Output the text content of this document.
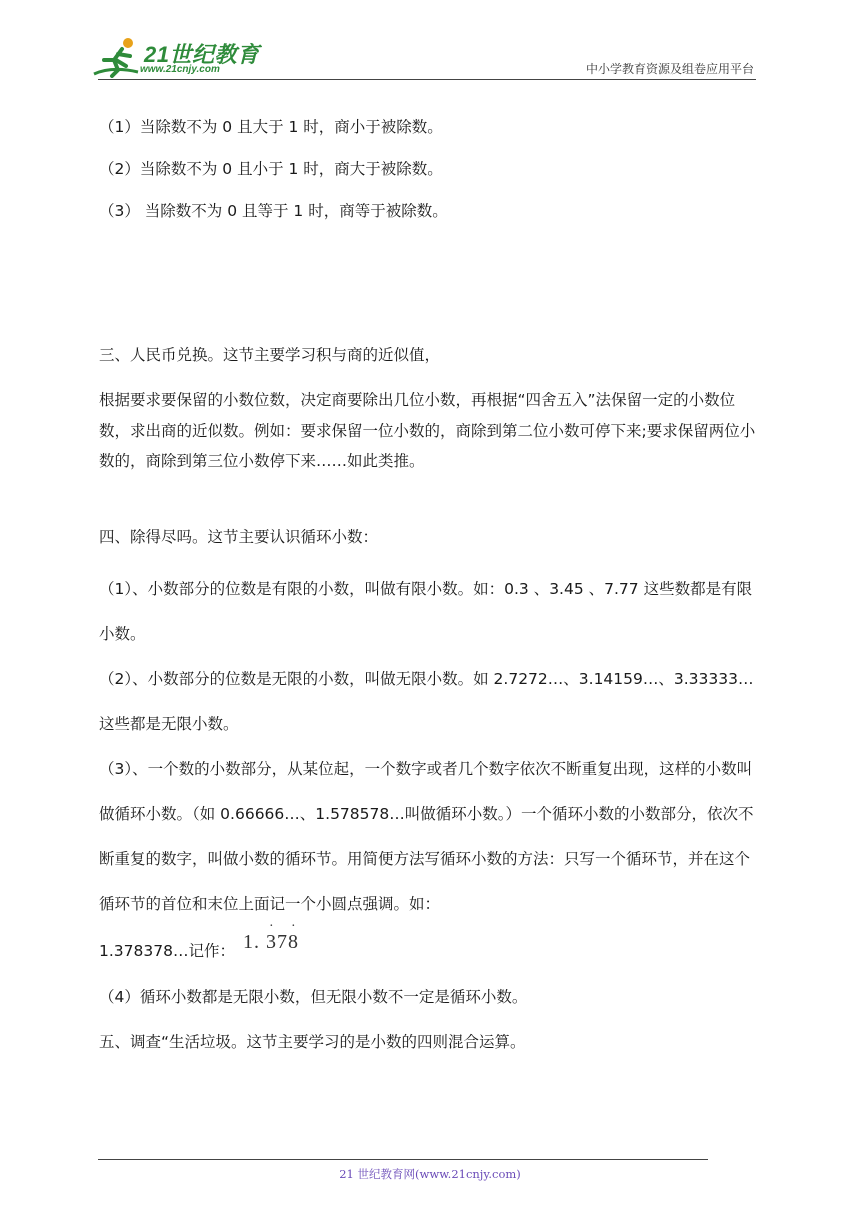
21世纪教育
www.21cnjy.com	中小学教育资源及组卷应用平台

（1）当除数不为 0 且大于 1 时，商小于被除数。

（2）当除数不为 0 且小于 1 时，商大于被除数。

（3） 当除数不为 0 且等于 1 时，商等于被除数。

三、人民币兑换。这节主要学习积与商的近似值，

根据要求要保留的小数位数，决定商要除出几位小数，再根据“四舍五入”法保留一定的小数位数，求出商的近似数。例如：要求保留一位小数的，商除到第二位小数可停下来;要求保留两位小数的，商除到第三位小数停下来……如此类推。

四、除得尽吗。这节主要认识循环小数：

（1）、小数部分的位数是有限的小数，叫做有限小数。如：0.3 、3.45 、7.77 这些数都是有限小数。

（2）、小数部分的位数是无限的小数，叫做无限小数。如 2.7272…、3.14159…、3.33333…这些都是无限小数。

（3）、一个数的小数部分，从某位起，一个数字或者几个数字依次不断重复出现，这样的小数叫做循环小数。（如 0.66666…、1.578578…叫做循环小数。）一个循环小数的小数部分，依次不断重复的数字，叫做小数的循环节。用简便方法写循环小数的方法：只写一个循环节，并在这个循环节的首位和末位上面记一个小圆点强调。如：

1.378378…记作： 1.
·
37
·
8

（4）循环小数都是无限小数，但无限小数不一定是循环小数。

五、调查“生活垃圾。这节主要学习的是小数的四则混合运算。

21 世纪教育网(www.21cnjy.com)
